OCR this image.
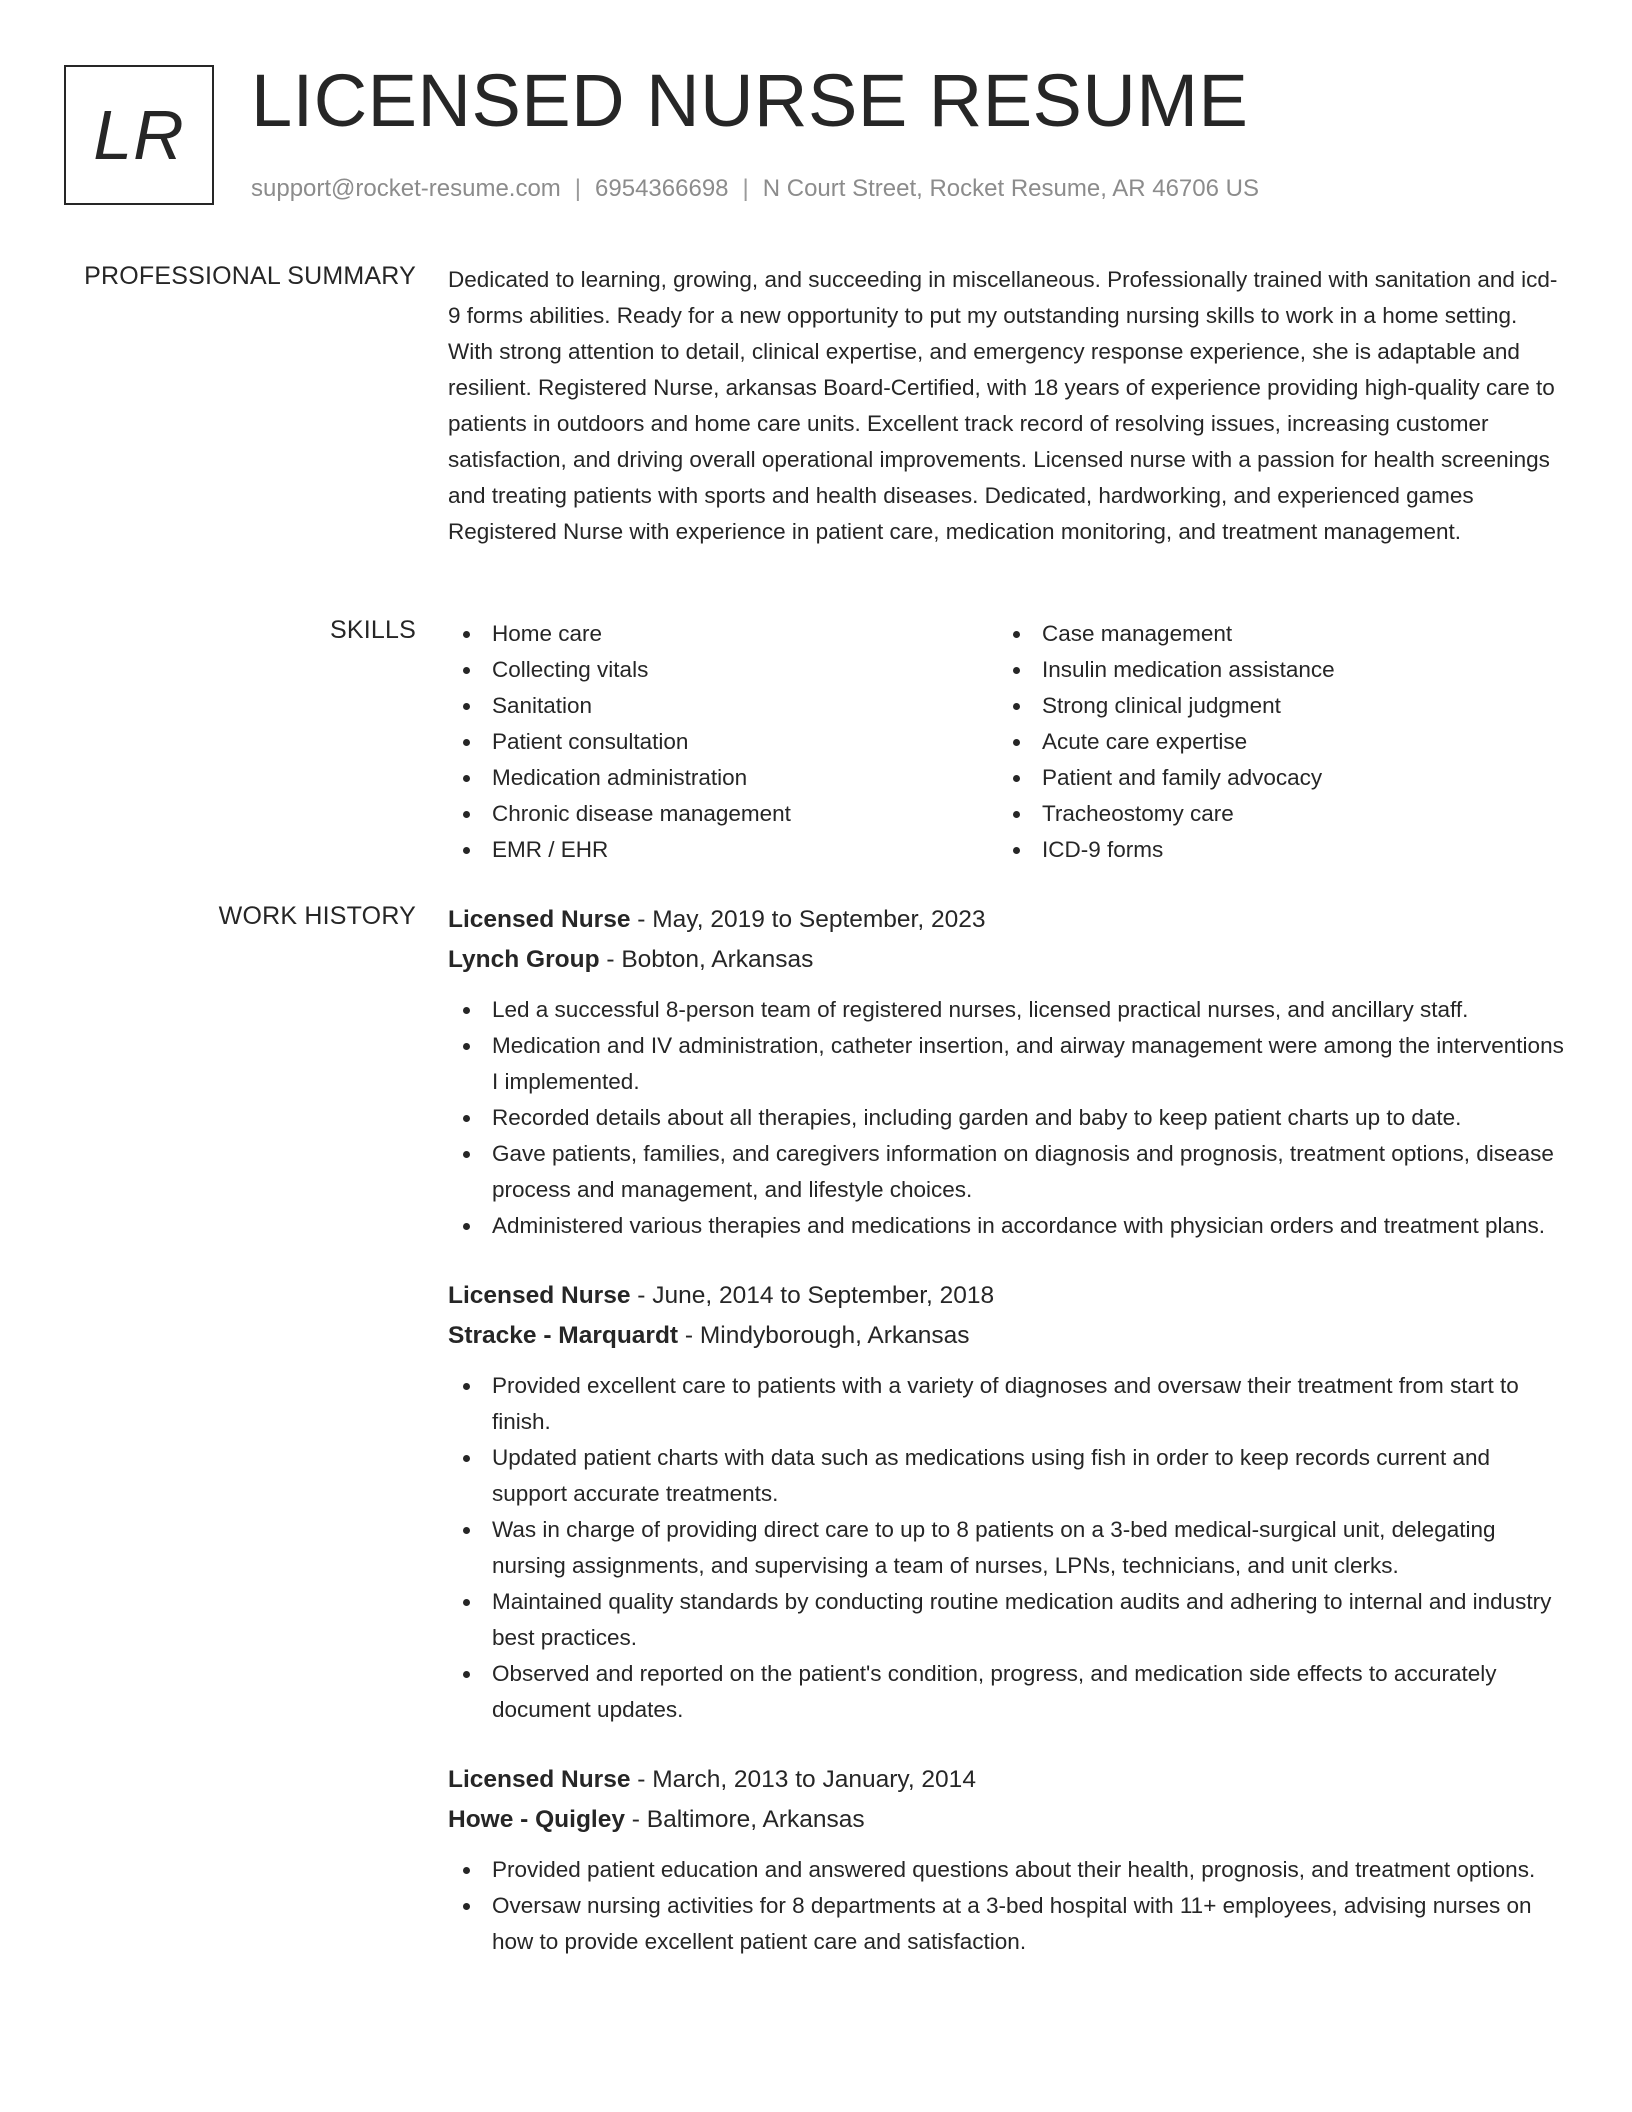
LR LICENSED NURSE RESUME
support@rocket-resume.com | 6954366698 | N Court Street, Rocket Resume, AR 46706 US
PROFESSIONAL SUMMARY Dedicated to learning, growing, and succeeding in miscellaneous. Professionally trained with sanitation and icd-9 forms abilities. Ready for a new opportunity to put my outstanding nursing skills to work in a home setting. With strong attention to detail, clinical expertise, and emergency response experience, she is adaptable and resilient. Registered Nurse, arkansas Board-Certified, with 18 years of experience providing high-quality care to patients in outdoors and home care units. Excellent track record of resolving issues, increasing customer satisfaction, and driving overall operational improvements. Licensed nurse with a passion for health screenings and treating patients with sports and health diseases. Dedicated, hardworking, and experienced games Registered Nurse with experience in patient care, medication monitoring, and treatment management.

SKILLS	Home care
Collecting vitals
Sanitation
Patient consultation
Medication administration
Chronic disease management
EMR / EHR
Case management
Insulin medication assistance
Strong clinical judgment
Acute care expertise
Patient and family advocacy
Tracheostomy care
ICD-9 forms
WORK HISTORY Licensed Nurse - May, 2019 to September, 2023
Lynch Group - Bobton, Arkansas
Led a successful 8-person team of registered nurses, licensed practical nurses, and ancillary staff.
Medication and IV administration, catheter insertion, and airway management were among the interventions I implemented.
Recorded details about all therapies, including garden and baby to keep patient charts up to date.
Gave patients, families, and caregivers information on diagnosis and prognosis, treatment options, disease process and management, and lifestyle choices.
Administered various therapies and medications in accordance with physician orders and treatment plans.
Licensed Nurse - June, 2014 to September, 2018
Stracke - Marquardt - Mindyborough, Arkansas
Provided excellent care to patients with a variety of diagnoses and oversaw their treatment from start to finish.
Updated patient charts with data such as medications using fish in order to keep records current and support accurate treatments.
Was in charge of providing direct care to up to 8 patients on a 3-bed medical-surgical unit, delegating nursing assignments, and supervising a team of nurses, LPNs, technicians, and unit clerks.
Maintained quality standards by conducting routine medication audits and adhering to internal and industry best practices.
Observed and reported on the patient's condition, progress, and medication side effects to accurately document updates.
Licensed Nurse - March, 2013 to January, 2014
Howe - Quigley - Baltimore, Arkansas
Provided patient education and answered questions about their health, prognosis, and treatment options.
Oversaw nursing activities for 8 departments at a 3-bed hospital with 11+ employees, advising nurses on how to provide excellent patient care and satisfaction.
